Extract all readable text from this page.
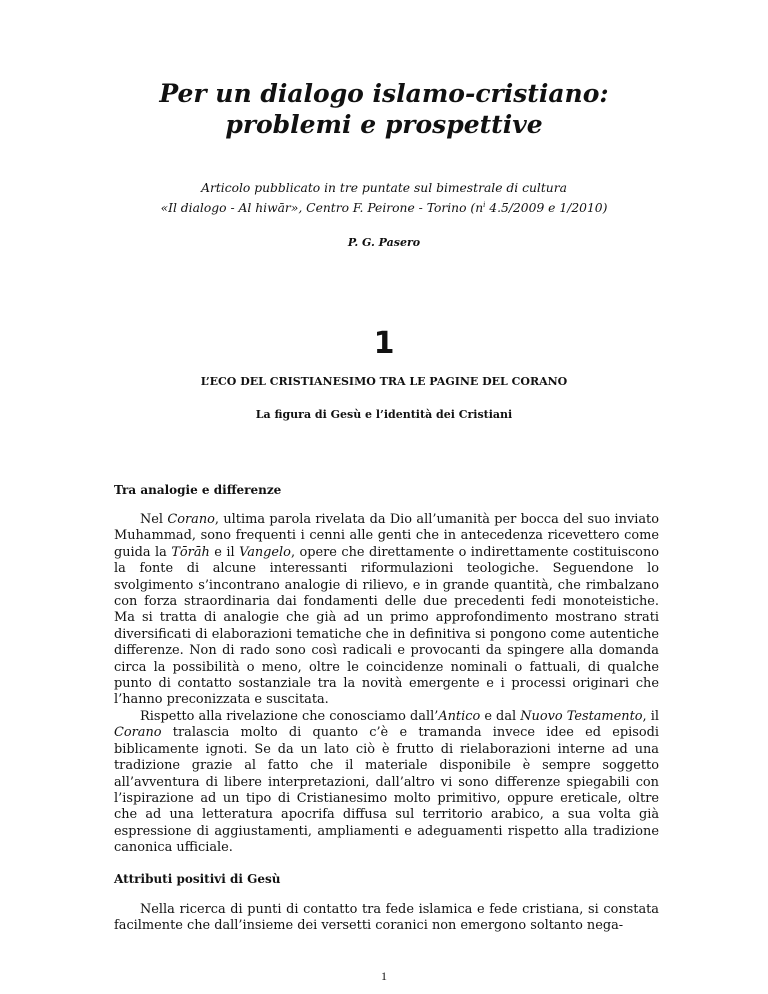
Per un dialogo islamo-cristiano:
problemi e prospettive
Articolo pubblicato in tre puntate sul bimestrale di cultura
«Il dialogo - Al hiwār», Centro F. Peirone - Torino ($n^i$ 4.5/2009 e 1/2010)
P. G. Pasero
1
L’ECO DEL CRISTIANESIMO TRA LE PAGINE DEL CORANO
La figura di Gesù e l’identità dei Cristiani
Tra analogie e differenze

Nel Corano, ultima parola rivelata da Dio all’umanità per bocca del suo inviato Muhammad, sono frequenti i cenni alle genti che in antecedenza ricevettero come guida la Tōrāh e il Vangelo, opere che direttamente o indirettamente costituiscono la fonte di alcune interessanti riformulazioni teologiche. Seguendone lo svolgimento s’incontrano analogie di rilievo, e in grande quantità, che rimbalzano con forza straordinaria dai fondamenti delle due precedenti fedi monoteistiche. Ma si tratta di analogie che già ad un primo approfondimento mostrano strati diversificati di elaborazioni tematiche che in definitiva si pongono come autentiche differenze. Non di rado sono così radicali e provocanti da spingere alla domanda circa la possibilità o meno, oltre le coincidenze nominali o fattuali, di qualche punto di contatto sostanziale tra la novità emergente e i processi originari che l’hanno preconizzata e suscitata.

Rispetto alla rivelazione che conosciamo dall’Antico e dal Nuovo Testamento, il Corano tralascia molto di quanto c’è e tramanda invece idee ed episodi biblicamente ignoti. Se da un lato ciò è frutto di rielaborazioni interne ad una tradizione grazie al fatto che il materiale disponibile è sempre soggetto all’avventura di libere interpretazioni, dall’altro vi sono differenze spiegabili con l’ispirazione ad un tipo di Cristianesimo molto primitivo, oppure ereticale, oltre che ad una letteratura apocrifa diffusa sul territorio arabico, a sua volta già espressione di aggiustamenti, ampliamenti e adeguamenti rispetto alla tradizione canonica ufficiale.

Attributi positivi di Gesù

Nella ricerca di punti di contatto tra fede islamica e fede cristiana, si constata facilmente che dall’insieme dei versetti coranici non emergono soltanto nega-

1
